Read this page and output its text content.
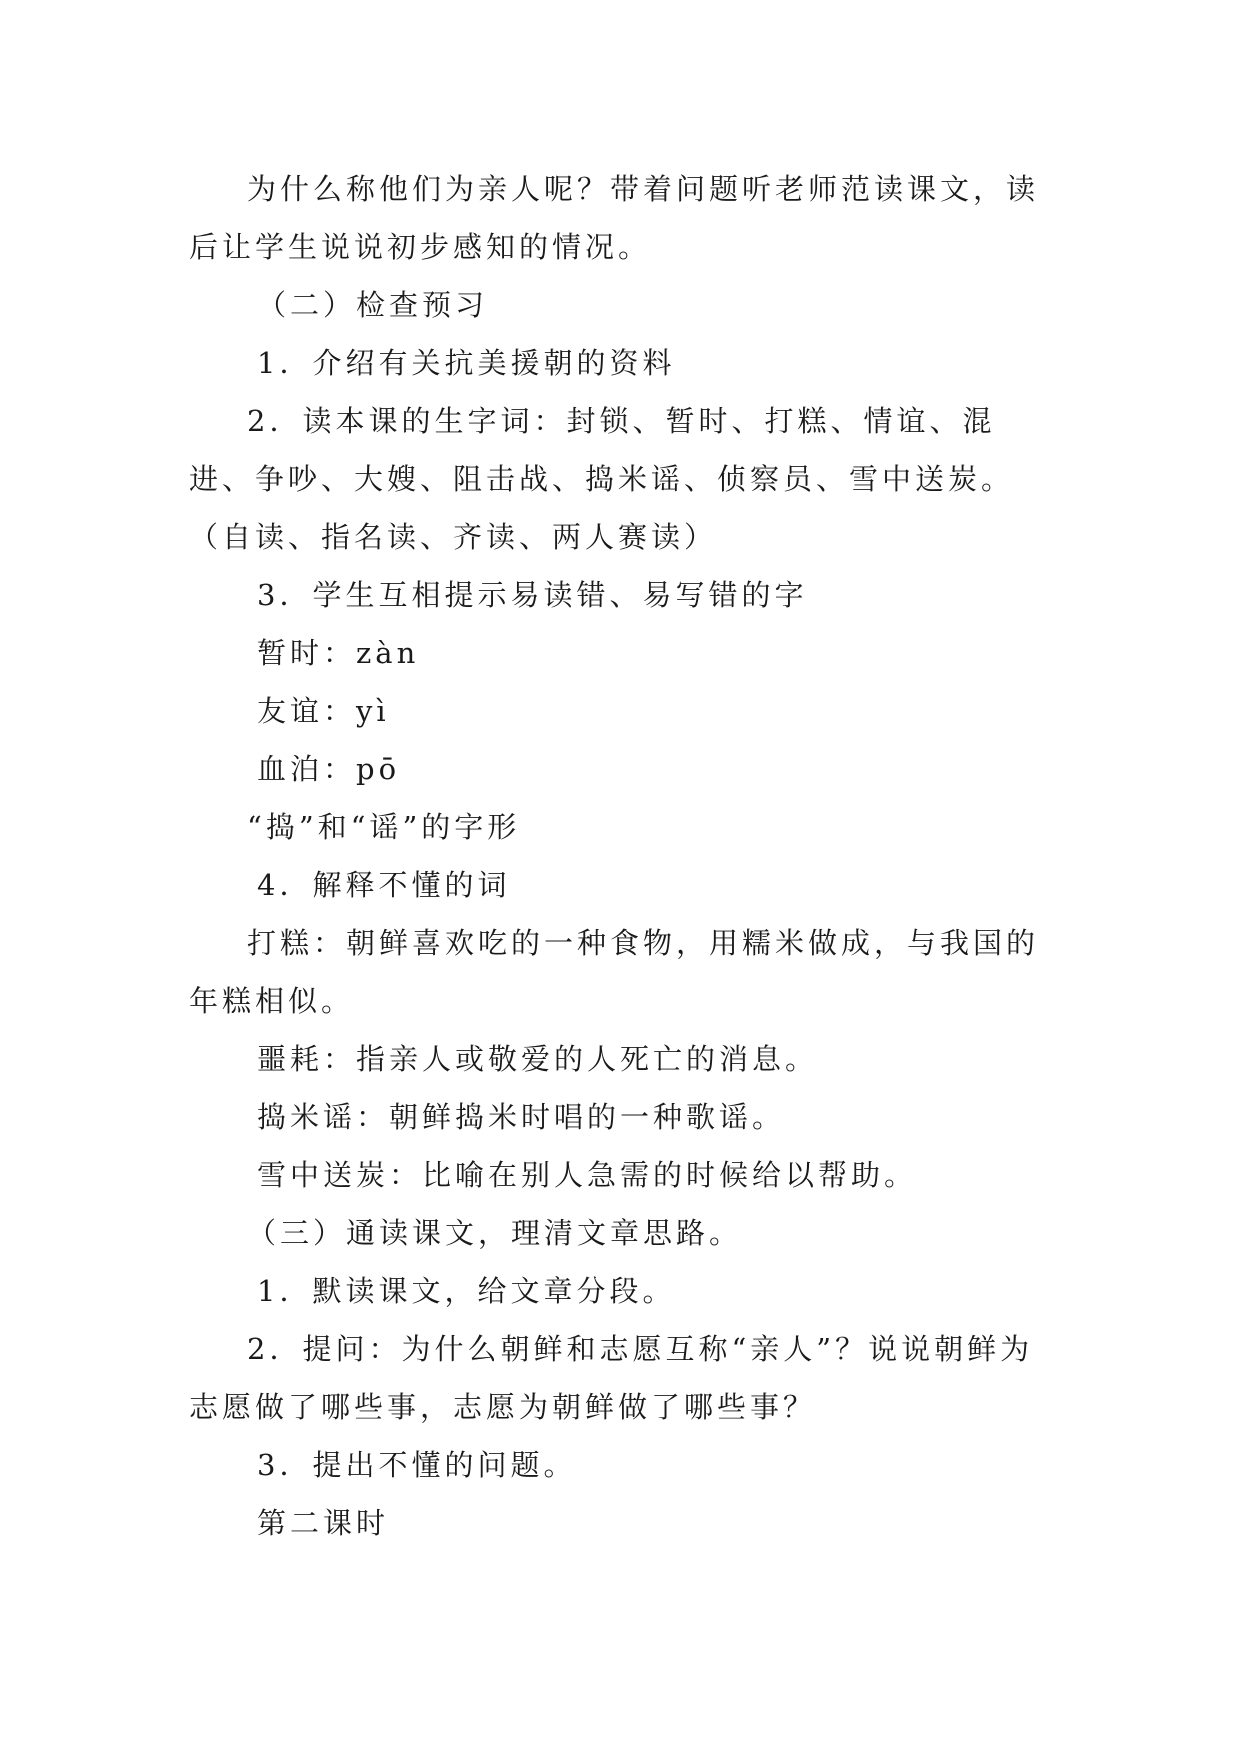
为什么称他们为亲人呢？带着问题听老师范读课文，读后让学生说说初步感知的情况。

（二）检查预习

1．介绍有关抗美援朝的资料

2．读本课的生字词：封锁、暂时、打糕、情谊、混进、争吵、大嫂、阻击战、捣米谣、侦察员、雪中送炭。（自读、指名读、齐读、两人赛读）

3．学生互相提示易读错、易写错的字

暂时：zàn

友谊：yì

血泊：pō

“捣”和“谣”的字形

4．解释不懂的词

打糕：朝鲜喜欢吃的一种食物，用糯米做成，与我国的年糕相似。

噩耗：指亲人或敬爱的人死亡的消息。

捣米谣：朝鲜捣米时唱的一种歌谣。

雪中送炭：比喻在别人急需的时候给以帮助。

（三）通读课文，理清文章思路。

1．默读课文，给文章分段。

2．提问：为什么朝鲜和志愿互称“亲人”？说说朝鲜为志愿做了哪些事，志愿为朝鲜做了哪些事？

3．提出不懂的问题。

第二课时
